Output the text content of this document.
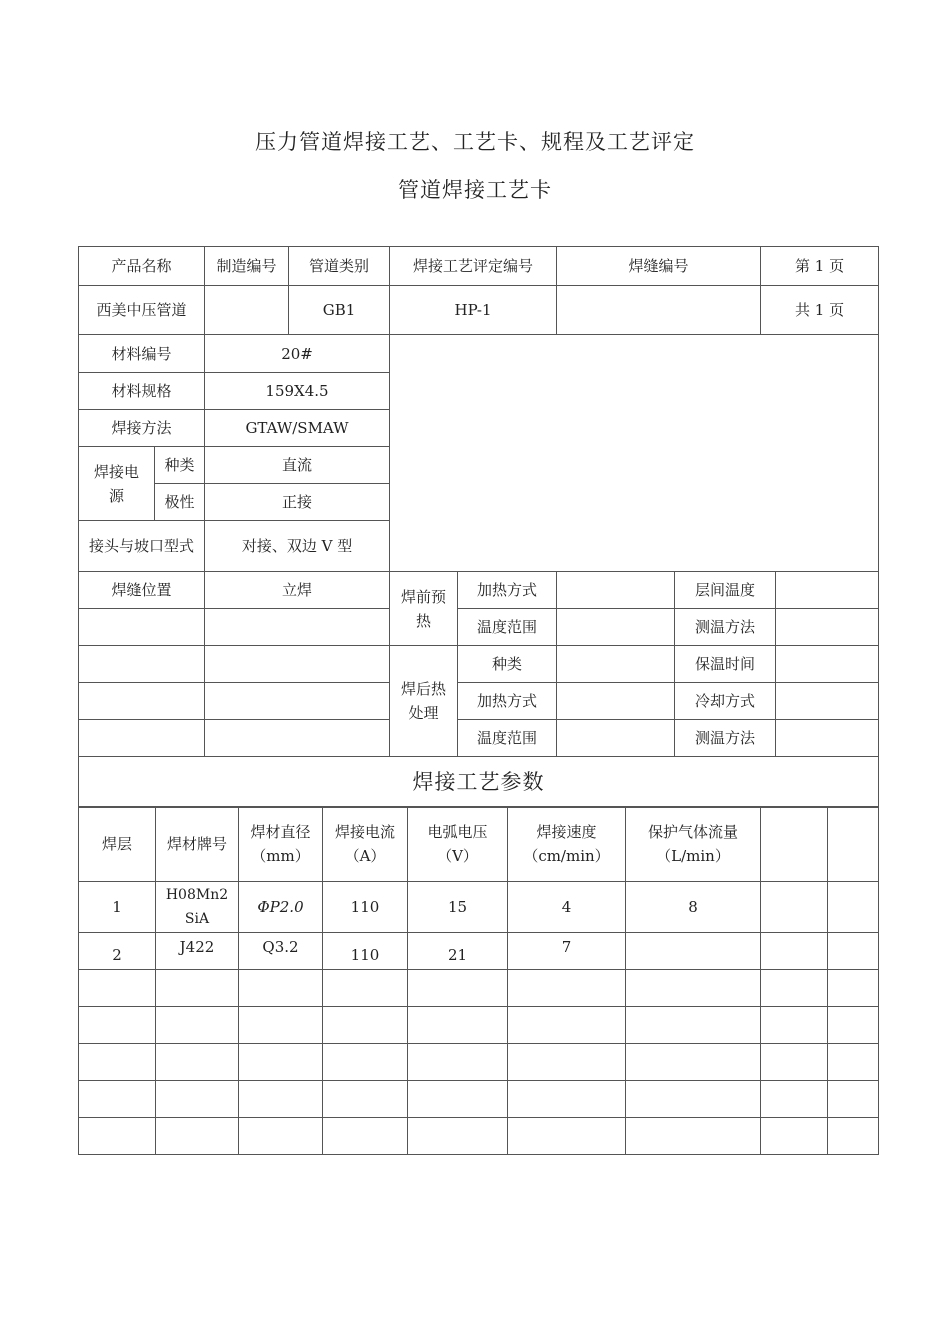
压力管道焊接工艺、工艺卡、规程及工艺评定
管道焊接工艺卡
产品名称		制造编号	管道类别	焊接工艺评定编号		焊缝编号		第 1 页	
西美中压管道			GB1	HP-1				共 1 页	
材料编号		20#							
材料规格		159X4.5							
焊接方法		GTAW/SMAW							
焊接电源	种类	直流							
	极性	正接							
接头与坡口型式		对接、双边 V 型							
焊缝位置		立焊		焊前预热	加热方式		层间温度		
					温度范围		测温方法		
				焊后热处理	种类		保温时间		
					加热方式		冷却方式		
					温度范围		测温方法		
焊接工艺参数									
焊层	焊材牌号	焊材直径（mm）	焊接电流（A）	电弧电压（V）	焊接速度（cm/min）	保护气体流量（L/min）		
1	H08Mn2SiA	ΦP2.0	110	15	4	8		
2	J422	Q3.2	110	21	7			
